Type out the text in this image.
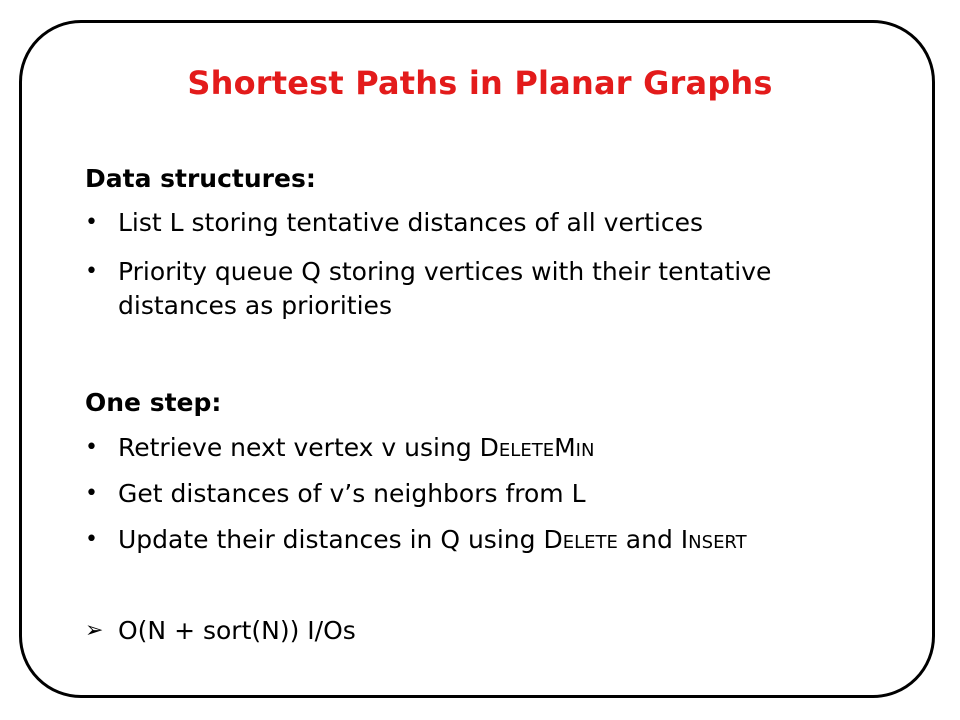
Shortest Paths in Planar Graphs
Data structures:
• List L storing tentative distances of all vertices
• Priority queue Q storing vertices with their tentative distances as priorities
One step:
• Retrieve next vertex v using DELETEMIN
• Get distances of v’s neighbors from L
• Update their distances in Q using DELETE and INSERT
➢ O(N + sort(N)) I/Os
